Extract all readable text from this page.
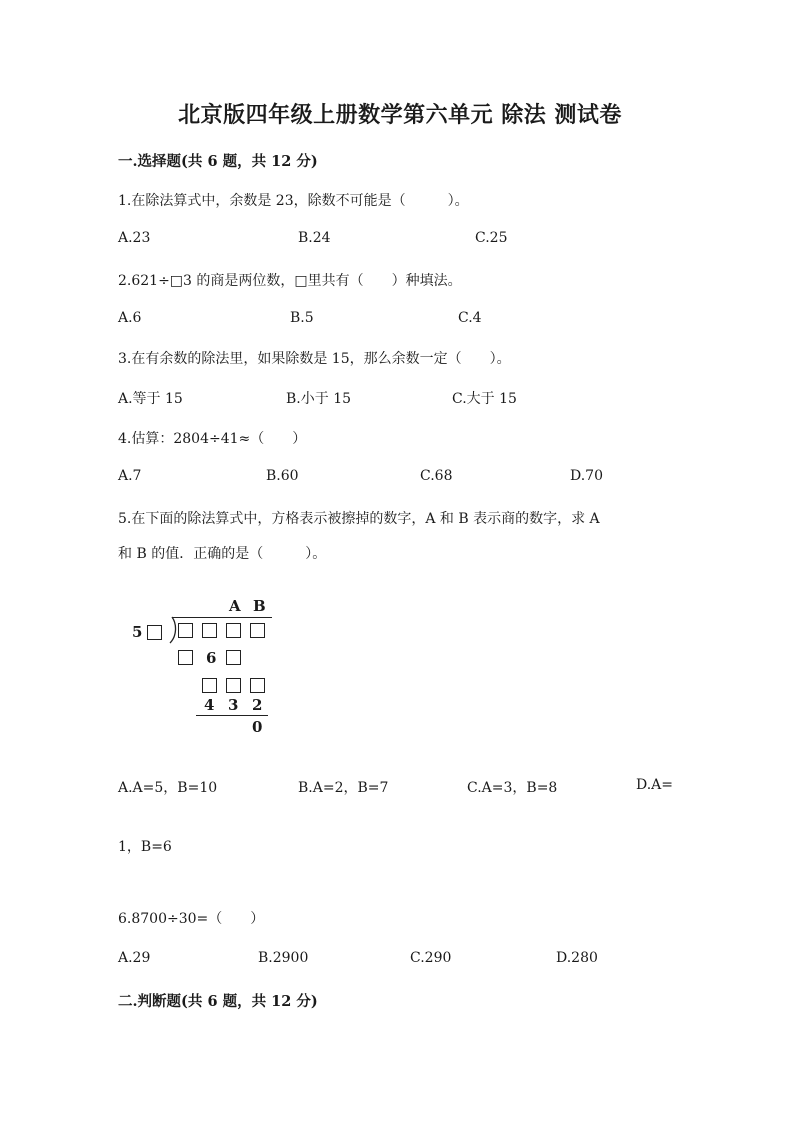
北京版四年级上册数学第六单元 除法 测试卷
一.选择题(共 6 题，共 12 分)
1.在除法算式中，余数是 23，除数不可能是（　　　）。
A.23	B.24	C.25
2.621÷□3 的商是两位数，□里共有（　　）种填法。
A.6	B.5	C.4
3.在有余数的除法里，如果除数是 15，那么余数一定（　　）。
A.等于 15	B.小于 15	C.大于 15
4.估算：2804÷41≈（　　）
A.7	B.60	C.68	D.70
5.在下面的除法算式中，方格表示被擦掉的数字，A 和 B 表示商的数字，求 A
和 B 的值．正确的是（　　　）。
A B
5
6
4 3 2
0
A.A=5，B=10	B.A=2，B=7	C.A=3，B=8	D.A=
1，B=6
6.8700÷30=（　　）
A.29	B.2900	C.290	D.280
二.判断题(共 6 题，共 12 分)
